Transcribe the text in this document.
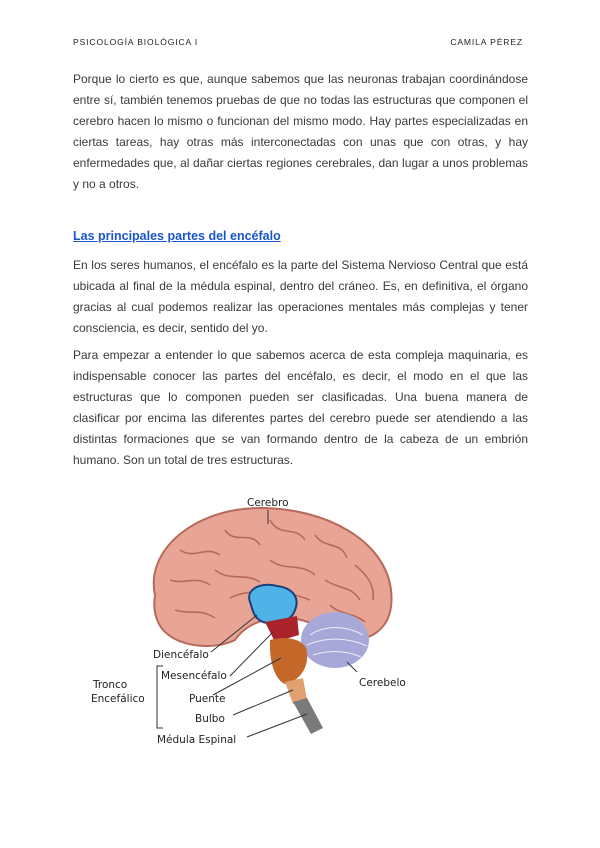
PSICOLOGÍA BIOLÓGICA I	CAMILA PÉREZ

Porque lo cierto es que, aunque sabemos que las neuronas trabajan coordinándose entre sí, también tenemos pruebas de que no todas las estructuras que componen el cerebro hacen lo mismo o funcionan del mismo modo. Hay partes especializadas en ciertas tareas, hay otras más interconectadas con unas que con otras, y hay enfermedades que, al dañar ciertas regiones cerebrales, dan lugar a unos problemas y no a otros.

Las principales partes del encéfalo

En los seres humanos, el encéfalo es la parte del Sistema Nervioso Central que está ubicada al final de la médula espinal, dentro del cráneo. Es, en definitiva, el órgano gracias al cual podemos realizar las operaciones mentales más complejas y tener consciencia, es decir, sentido del yo.

Para empezar a entender lo que sabemos acerca de esta compleja maquinaria, es indispensable conocer las partes del encéfalo, es decir, el modo en el que las estructuras que lo componen pueden ser clasificadas. Una buena manera de clasificar por encima las diferentes partes del cerebro puede ser atendiendo a las distintas formaciones que se van formando dentro de la cabeza de un embrión humano. Son un total de tres estructuras.

Cerebro
Diencéfalo
Tronco
Encefálico
Mesencéfalo
Puente
Bulbo
Médula Espinal
Cerebelo
